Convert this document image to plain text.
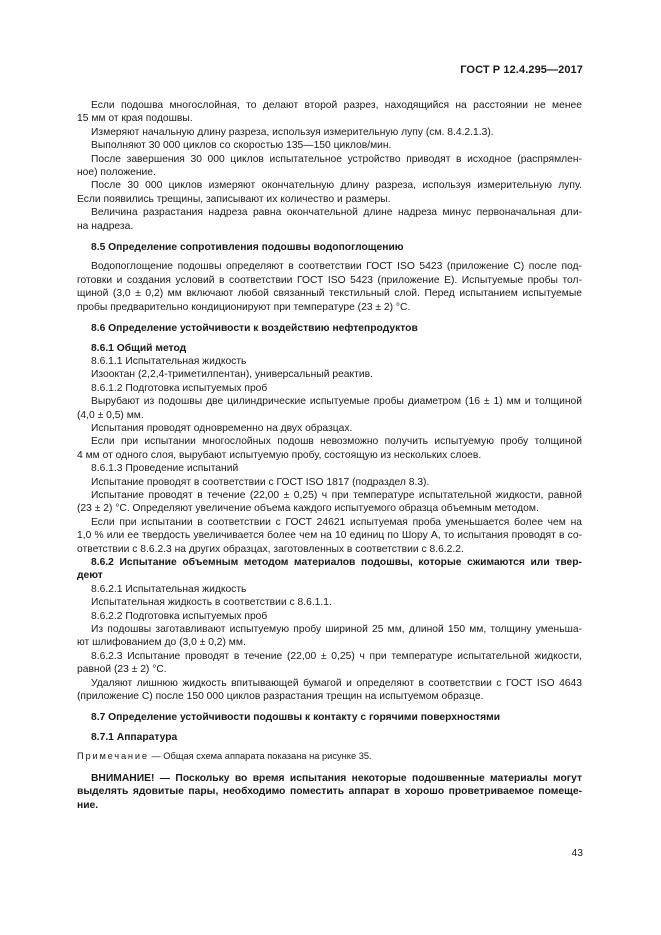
ГОСТ Р 12.4.295—2017

Если подошва многослойная, то делают второй разрез, находящийся на расстоянии не менее

15 мм от края подошвы.

Измеряют начальную длину разреза, используя измерительную лупу (см. 8.4.2.1.3).

Выполняют 30 000 циклов со скоростью 135—150 циклов/мин.

После завершения 30 000 циклов испытательное устройство приводят в исходное (распрямлен-

ное) положение.

После 30 000 циклов измеряют окончательную длину разреза, используя измерительную лупу.

Если появились трещины, записывают их количество и размеры.

Величина разрастания надреза равна окончательной длине надреза минус первоначальная дли-

на надреза.

8.5 Определение сопротивления подошвы водопоглощению

Водопоглощение подошвы определяют в соответствии ГОСТ ISO 5423 (приложение С) после под-

готовки и создания условий в соответствии ГОСТ ISO 5423 (приложение Е). Испытуемые пробы тол-

щиной (3,0 ± 0,2) мм включают любой связанный текстильный слой. Перед испытанием испытуемые

пробы предварительно кондиционируют при температуре (23 ± 2) °С.

8.6 Определение устойчивости к воздействию нефтепродуктов

8.6.1 Общий метод

8.6.1.1 Испытательная жидкость

Изооктан (2,2,4-триметилпентан), универсальный реактив.

8.6.1.2 Подготовка испытуемых проб

Вырубают из подошвы две цилиндрические испытуемые пробы диаметром (16 ± 1) мм и толщиной

(4,0 ± 0,5) мм.

Испытания проводят одновременно на двух образцах.

Если при испытании многослойных подошв невозможно получить испытуемую пробу толщиной

4 мм от одного слоя, вырубают испытуемую пробу, состоящую из нескольких слоев.

8.6.1.3 Проведение испытаний

Испытание проводят в соответствии с ГОСТ ISO 1817 (подраздел 8.3).

Испытание проводят в течение (22,00 ± 0,25) ч при температуре испытательной жидкости, равной

(23 ± 2) °С. Определяют увеличение объема каждого испытуемого образца объемным методом.

Если при испытании в соответствии с ГОСТ 24621 испытуемая проба уменьшается более чем на

1,0 % или ее твердость увеличивается более чем на 10 единиц по Шору А, то испытания проводят в со-

ответствии с 8.6.2.3 на других образцах, заготовленных в соответствии с 8.6.2.2.

8.6.2 Испытание объемным методом материалов подошвы, которые сжимаются или твер-

деют

8.6.2.1 Испытательная жидкость

Испытательная жидкость в соответствии с 8.6.1.1.

8.6.2.2 Подготовка испытуемых проб

Из подошвы заготавливают испытуемую пробу шириной 25 мм, длиной 150 мм, толщину уменьша-

ют шлифованием до (3,0 ± 0,2) мм.

8.6.2.3 Испытание проводят в течение (22,00 ± 0,25) ч при температуре испытательной жидкости,

равной (23 ± 2) °С.

Удаляют лишнюю жидкость впитывающей бумагой и определяют в соответствии с ГОСТ ISO 4643

(приложение С) после 150 000 циклов разрастания трещин на испытуемом образце.

8.7 Определение устойчивости подошвы к контакту с горячими поверхностями

8.7.1 Аппаратура

Примечание — Общая схема аппарата показана на рисунке 35.

ВНИМАНИЕ! — Поскольку во время испытания некоторые подошвенные материалы могут

выделять ядовитые пары, необходимо поместить аппарат в хорошо проветриваемое помеще-

ние.

43
